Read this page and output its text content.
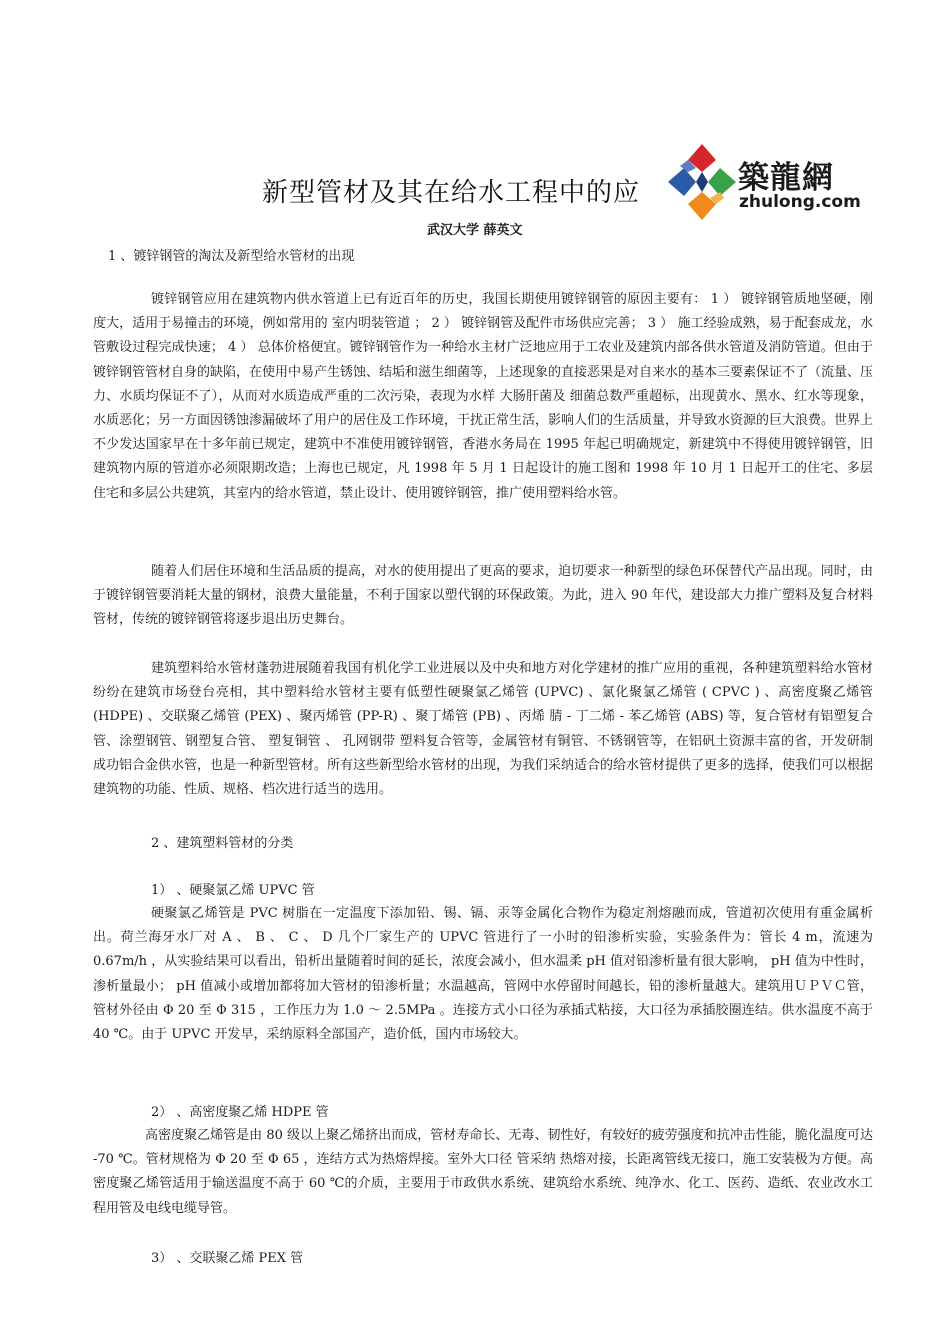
新型管材及其在给水工程中的应	築龍網
zhulong.com
武汉大学 薛英文
1 、镀锌钢管的淘汰及新型给水管材的出现
镀锌钢管应用在建筑物内供水管道上已有近百年的历史，我国长期使用镀锌钢管的原因主要有： 1 ） 镀锌钢管质地坚硬，刚度大，适用于易撞击的环境，例如常用的 室内明装管道 ； 2 ） 镀锌钢管及配件市场供应完善； 3 ） 施工经验成熟，易于配套成龙，水管敷设过程完成快速； 4 ） 总体价格便宜。镀锌钢管作为一种给水主材广泛地应用于工农业及建筑内部各供水管道及消防管道。但由于镀锌钢管管材自身的缺陷，在使用中易产生锈蚀、结垢和滋生细菌等，上述现象的直接恶果是对自来水的基本三要素保证不了（流量、压力、水质均保证不了），从而对水质造成严重的二次污染，表现为水样 大肠肝菌及 细菌总数严重超标，出现黄水、黑水、红水等现象，水质恶化；另一方面因锈蚀渗漏破坏了用户的居住及工作环境，干扰正常生活，影响人们的生活质量，并导致水资源的巨大浪费。世界上不少发达国家早在十多年前已规定，建筑中不准使用镀锌钢管，香港水务局在 1995 年起已明确规定，新建筑中不得使用镀锌钢管，旧建筑物内原的管道亦必须限期改造；上海也已规定，凡 1998 年 5 月 1 日起设计的施工图和 1998 年 10 月 1 日起开工的住宅、多层住宅和多层公共建筑，其室内的给水管道，禁止设计、使用镀锌钢管，推广使用塑料给水管。
随着人们居住环境和生活品质的提高，对水的使用提出了更高的要求，迫切要求一种新型的绿色环保替代产品出现。同时，由于镀锌钢管要消耗大量的钢材，浪费大量能量，不利于国家以塑代钢的环保政策。为此，进入 90 年代，建设部大力推广塑料及复合材料管材，传统的镀锌钢管将逐步退出历史舞台。
建筑塑料给水管材蓬勃进展随着我国有机化学工业进展以及中央和地方对化学建材的推广应用的重视，各种建筑塑料给水管材纷纷在建筑市场登台亮相，其中塑料给水管材主要有低塑性硬聚氯乙烯管 (UPVC) 、氯化聚氯乙烯管 ( CPVC ) 、高密度聚乙烯管 (HDPE) 、交联聚乙烯管 (PEX) 、聚丙烯管 (PP-R) 、聚丁烯管 (PB) 、丙烯 腈 - 丁二烯 - 苯乙烯管 (ABS) 等，复合管材有铝塑复合管、涂塑钢管、钢塑复合管、 塑复铜管 、 孔网钢带 塑料复合管等，金属管材有铜管、不锈钢管等，在铝矾土资源丰富的省，开发研制成功铝合金供水管，也是一种新型管材。所有这些新型给水管材的出现，为我们采纳适合的给水管材提供了更多的选择，使我们可以根据建筑物的功能、性质、规格、档次进行适当的选用。
2 、建筑塑料管材的分类
1） 、硬聚氯乙烯 UPVC 管
硬聚氯乙烯管是 PVC 树脂在一定温度下添加铅、锡、镉、汞等金属化合物作为稳定剂熔融而成，管道初次使用有重金属析出。荷兰海牙水厂对 A 、 B 、 C 、 D 几个厂家生产的 UPVC 管进行了一小时的铅渗析实验，实验条件为：管长 4 m，流速为 0.67m/h ，从实验结果可以看出，铅析出量随着时间的延长，浓度会减小，但水温柔 pH 值对铅渗析量有很大影响， pH 值为中性时，渗析量最小； pH 值减小或增加都将加大管材的铅渗析量；水温越高，管网中水停留时间越长，铅的渗析量越大。建筑用ＵＰＶＣ管，管材外径由 Φ 20 至 Φ 315 ，工作压力为 1.0 ～ 2.5MPa 。连接方式小口径为承插式粘接，大口径为承插胶圈连结。供水温度不高于 40 ℃。由于 UPVC 开发早，采纳原料全部国产，造价低，国内市场较大。
2） 、高密度聚乙烯 HDPE 管
高密度聚乙烯管是由 80 级以上聚乙烯挤出而成，管材寿命长、无毒、韧性好，有较好的疲劳强度和抗冲击性能，脆化温度可达 -70 ℃。管材规格为 Φ 20 至 Φ 65 ，连结方式为热熔焊接。室外大口径 管采纳 热熔对接，长距离管线无接口，施工安装极为方便。高密度聚乙烯管适用于输送温度不高于 60 ℃的介质，主要用于市政供水系统、建筑给水系统、纯净水、化工、医药、造纸、农业改水工程用管及电线电缆导管。
3） 、交联聚乙烯 PEX 管
